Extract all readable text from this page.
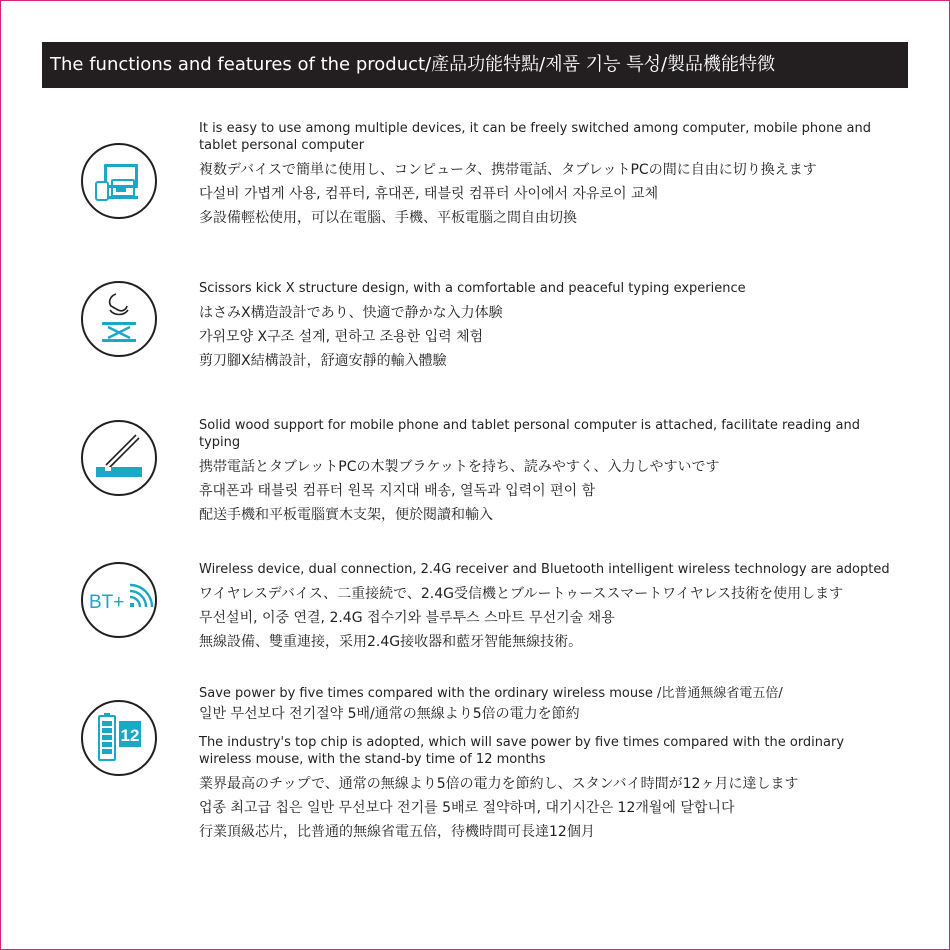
The functions and features of the product/產品功能特點/제품 기능 특성/製品機能特徴

It is easy to use among multiple devices, it can be freely switched among computer, mobile phone and tablet personal computer

複数デバイスで簡単に使用し、コンピュータ、携帯電話、タブレットPCの間に自由に切り換えます

다설비 가볍게 사용, 컴퓨터, 휴대폰, 태블릿 컴퓨터 사이에서 자유로이 교체

多設備輕松使用，可以在電腦、手機、平板電腦之間自由切換

Scissors kick X structure design, with a comfortable and peaceful typing experience

はさみX構造設計であり、快適で静かな入力体験

가위모양 X구조 설계, 편하고 조용한 입력 체험

剪刀腳X結構設計，舒適安靜的輸入體驗

Solid wood support for mobile phone and tablet personal computer is attached, facilitate reading and typing

携帯電話とタブレットPCの木製ブラケットを持ち、読みやすく、入力しやすいです

휴대폰과 태블릿 컴퓨터 원목 지지대 배송, 열독과 입력이 편이 함

配送手機和平板電腦實木支架，便於閱讀和輸入

BT+

Wireless device, dual connection, 2.4G receiver and Bluetooth intelligent wireless technology are adopted

ワイヤレスデバイス、二重接続で、2.4G受信機とブルートゥーススマートワイヤレス技術を使用します

무선설비, 이중 연결, 2.4G 접수기와 블루투스 스마트 무선기술 채용

無線設備、雙重連接，采用2.4G接收器和藍牙智能無線技術。

12

Save power by five times compared with the ordinary wireless mouse /比普通無線省電五倍/

일반 무선보다 전기절약 5배/通常の無線より5倍の電力を節約

The industry's top chip is adopted, which will save power by five times compared with the ordinary wireless mouse, with the stand-by time of 12 months

業界最高のチップで、通常の無線より5倍の電力を節約し、スタンバイ時間が12ヶ月に達します

업종 최고급 칩은 일반 무선보다 전기를 5배로 절약하며, 대기시간은 12개월에 달합니다

行業頂級芯片，比普通的無線省電五倍，待機時間可長達12個月
